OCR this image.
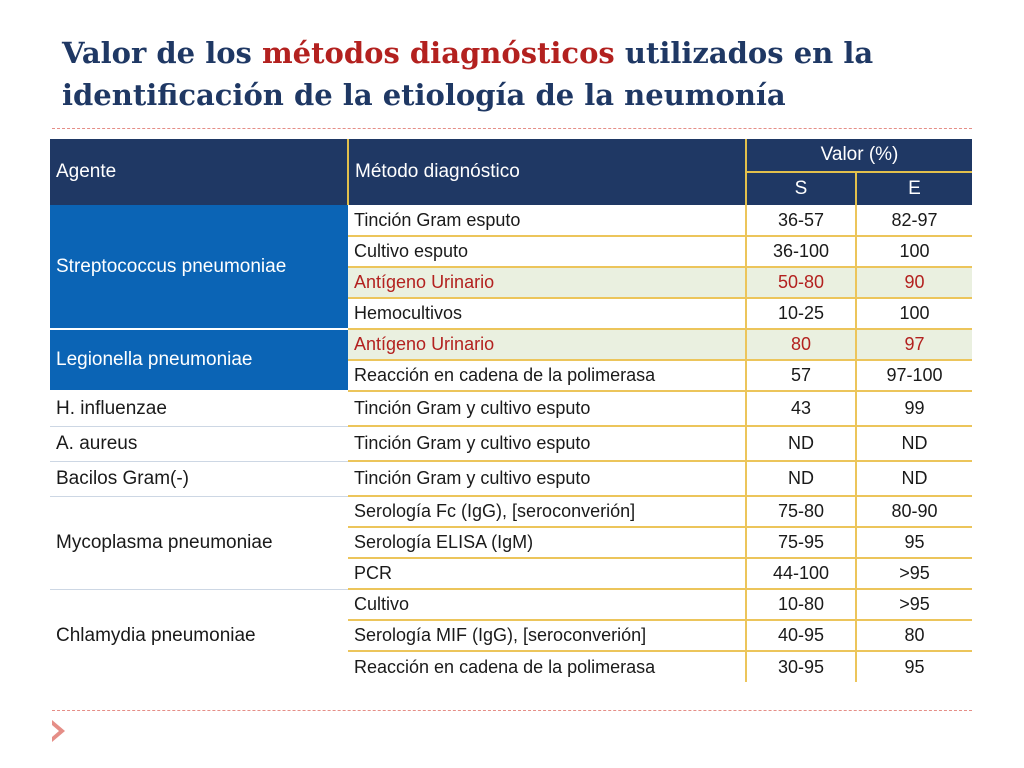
Valor de los métodos diagnósticos utilizados en la identificación de la etiología de la neumonía
Agente	Método diagnóstico	Valor (%)	
		S	E
Streptococcus pneumoniae	Tinción Gram esputo	36-57	82-97
	Cultivo esputo	36-100	100
	Antígeno Urinario	50-80	90
	Hemocultivos	10-25	100
Legionella pneumoniae	Antígeno Urinario	80	97
	Reacción en cadena de la polimerasa	57	97-100
H. influenzae	Tinción Gram y cultivo esputo	43	99
A. aureus	Tinción Gram y cultivo esputo	ND	ND
Bacilos Gram(-)	Tinción Gram y cultivo esputo	ND	ND
Mycoplasma pneumoniae	Serología Fc (IgG), [seroconverión]	75-80	80-90
	Serología ELISA (IgM)	75-95	95
	PCR	44-100	>95
Chlamydia pneumoniae	Cultivo	10-80	>95
	Serología MIF (IgG), [seroconverión]	40-95	80
	Reacción en cadena de la polimerasa	30-95	95
